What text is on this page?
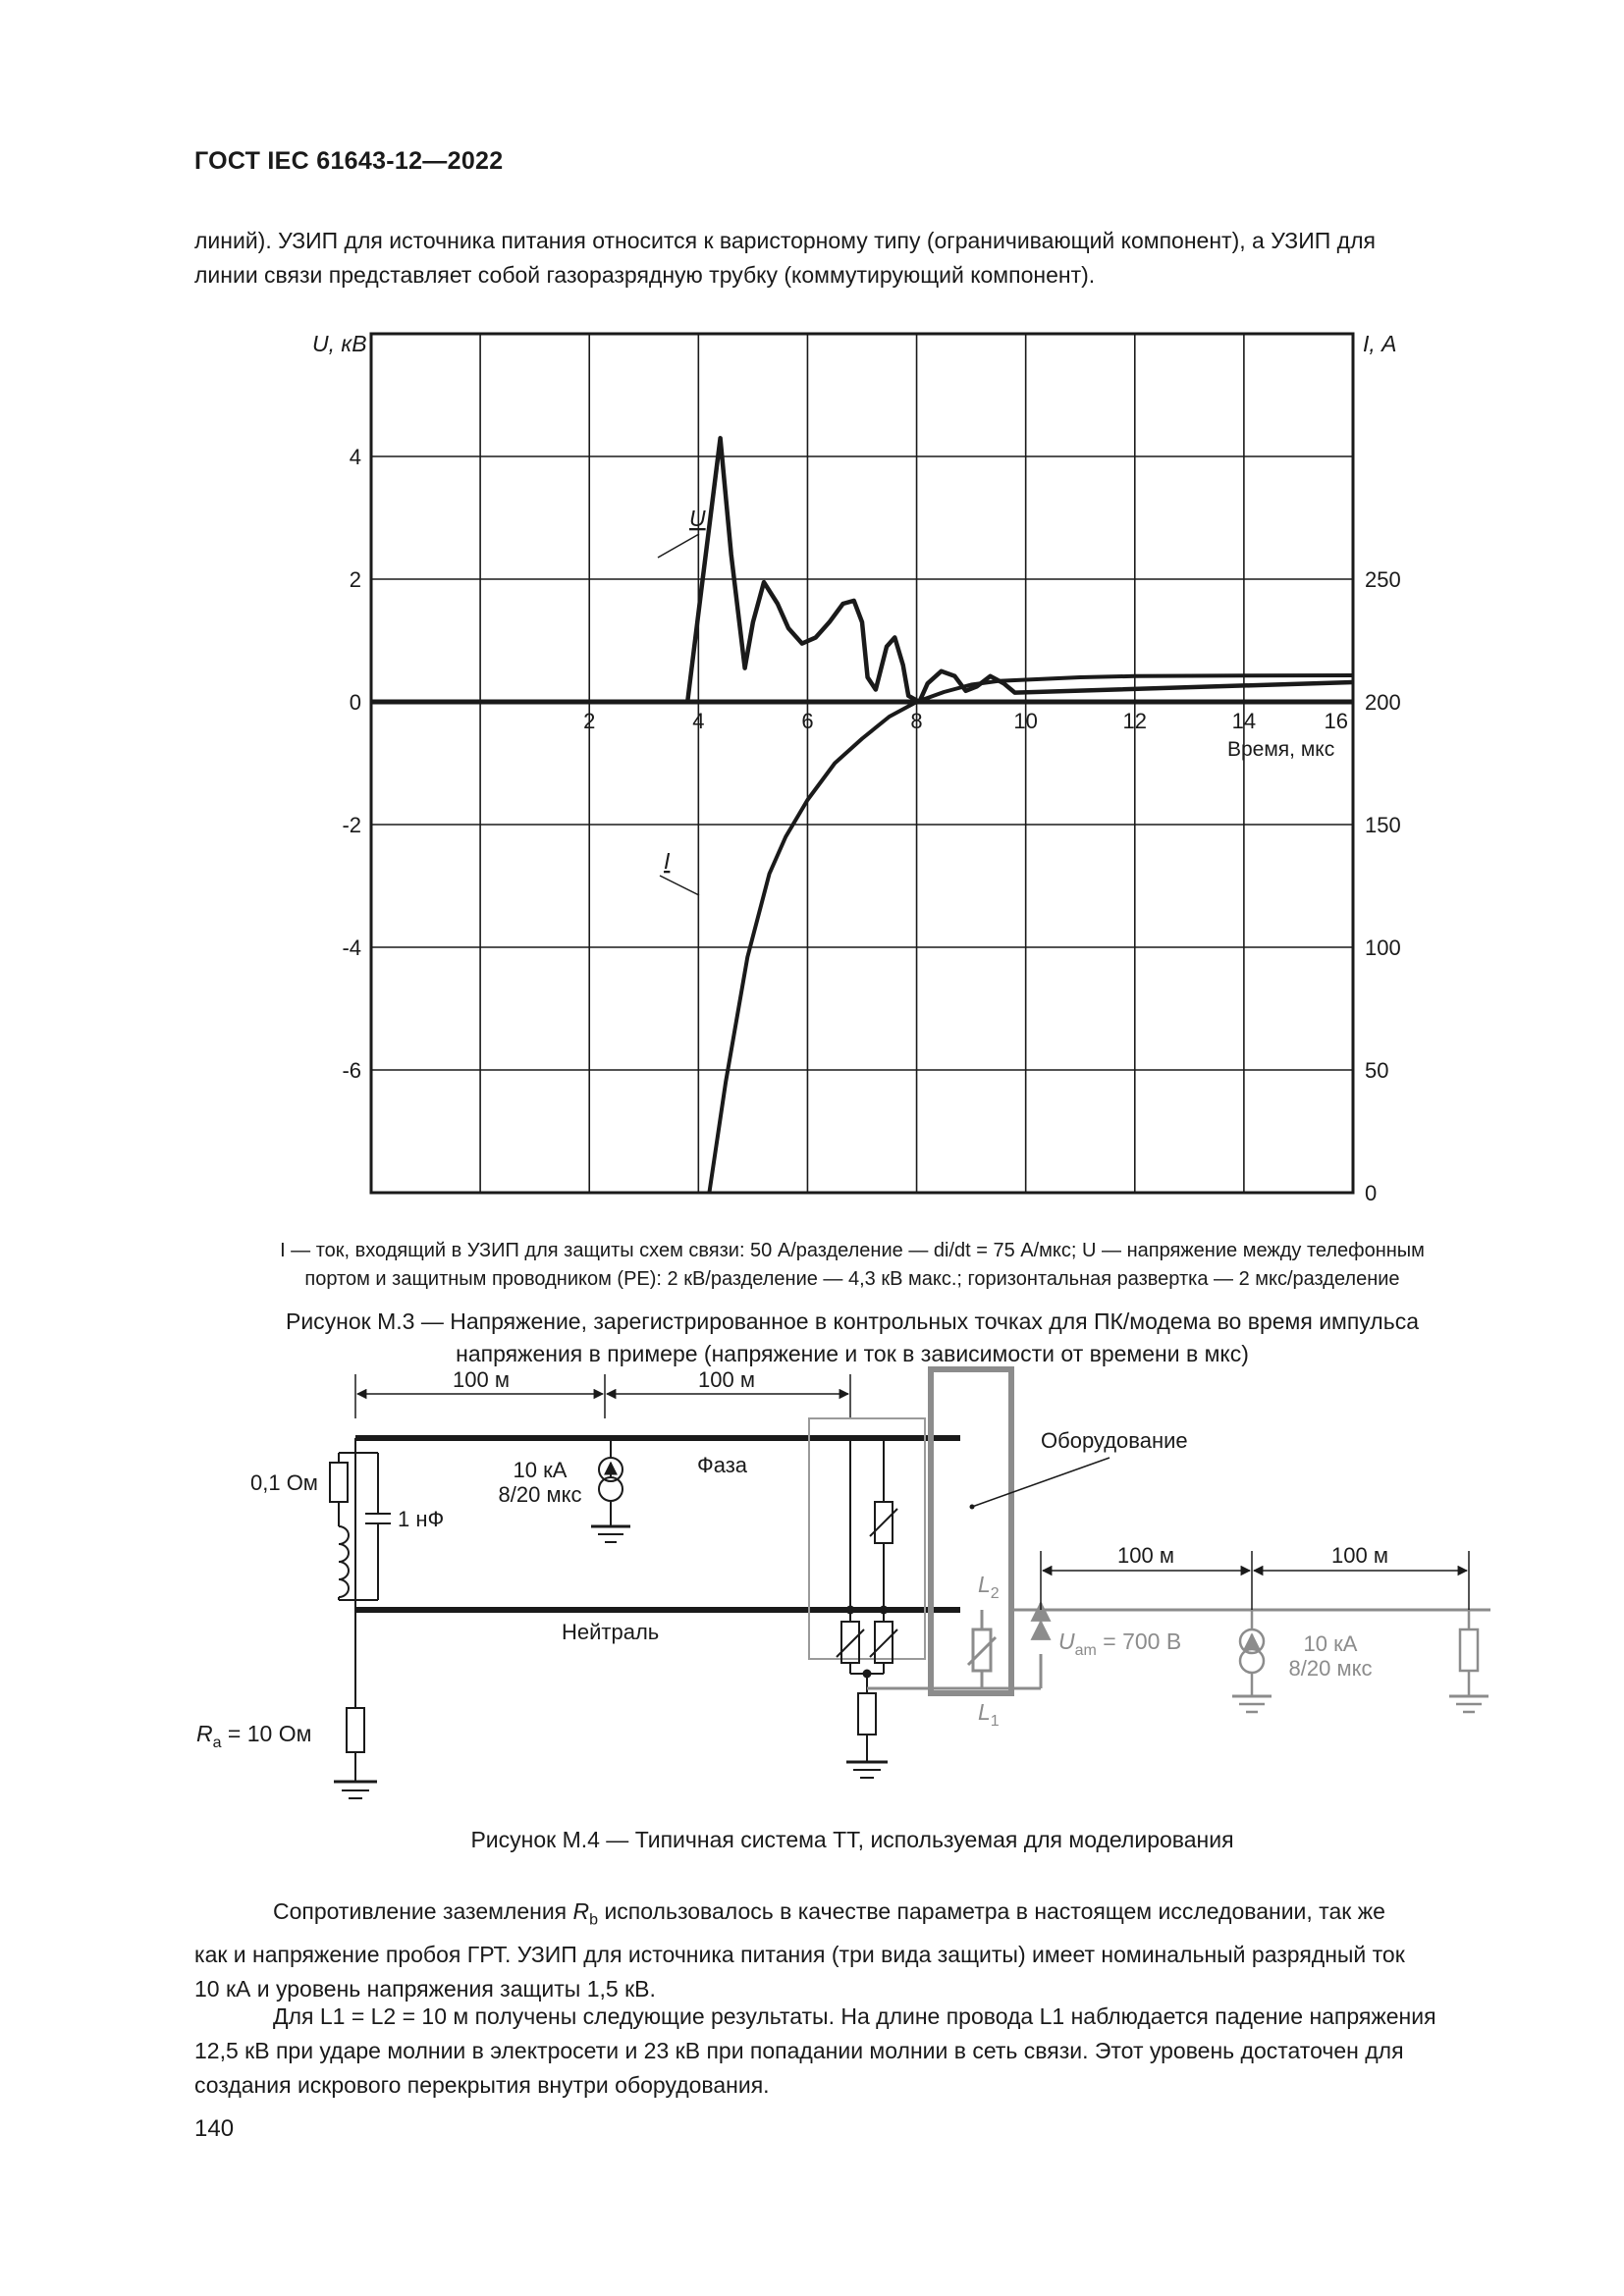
ГОСТ IEC 61643-12—2022
линий). УЗИП для источника питания относится к варисторному типу (ограничивающий компонент), а УЗИП для
линии связи представляет собой газоразрядную трубку (коммутирующий компонент).
2	4	6	8	10	12	14	16
4
2
0
-2
-4
-6
250
200
150
100
50
0
U, кВ	I, А
Время, мкс
U
I
I — ток, входящий в УЗИП для защиты схем связи: 50 А/разделение — di/dt = 75 А/мкс; U — напряжение между телефонным
портом и защитным проводником (PE): 2 кВ/разделение — 4,3 кВ макс.; горизонтальная развертка — 2 мкс/разделение
Рисунок М.3 — Напряжение, зарегистрированное в контрольных точках для ПК/модема во время импульса
напряжения в примере (напряжение и ток в зависимости от времени в мкс)
100 м	100 м
Фаза
Нейтраль
0,1 Ом
1 нФ
$R_a = 10$ Ом
10 кА
8/20 мкс
Оборудование
$L_2$
$L_1$
$U_{am} = 700$ В
100 м	100 м
10 кА
8/20 мкс
Рисунок М.4 — Типичная система ТТ, используемая для моделирования
Сопротивление заземления $R_b$ использовалось в качестве параметра в настоящем исследовании, так же
как и напряжение пробоя ГРТ. УЗИП для источника питания (три вида защиты) имеет номинальный разрядный ток
10 кА и уровень напряжения защиты 1,5 кВ.
Для L1 = L2 = 10 м получены следующие результаты. На длине провода L1 наблюдается падение напряжения
12,5 кВ при ударе молнии в электросети и 23 кВ при попадании молнии в сеть связи. Этот уровень достаточен для
создания искрового перекрытия внутри оборудования.
140
